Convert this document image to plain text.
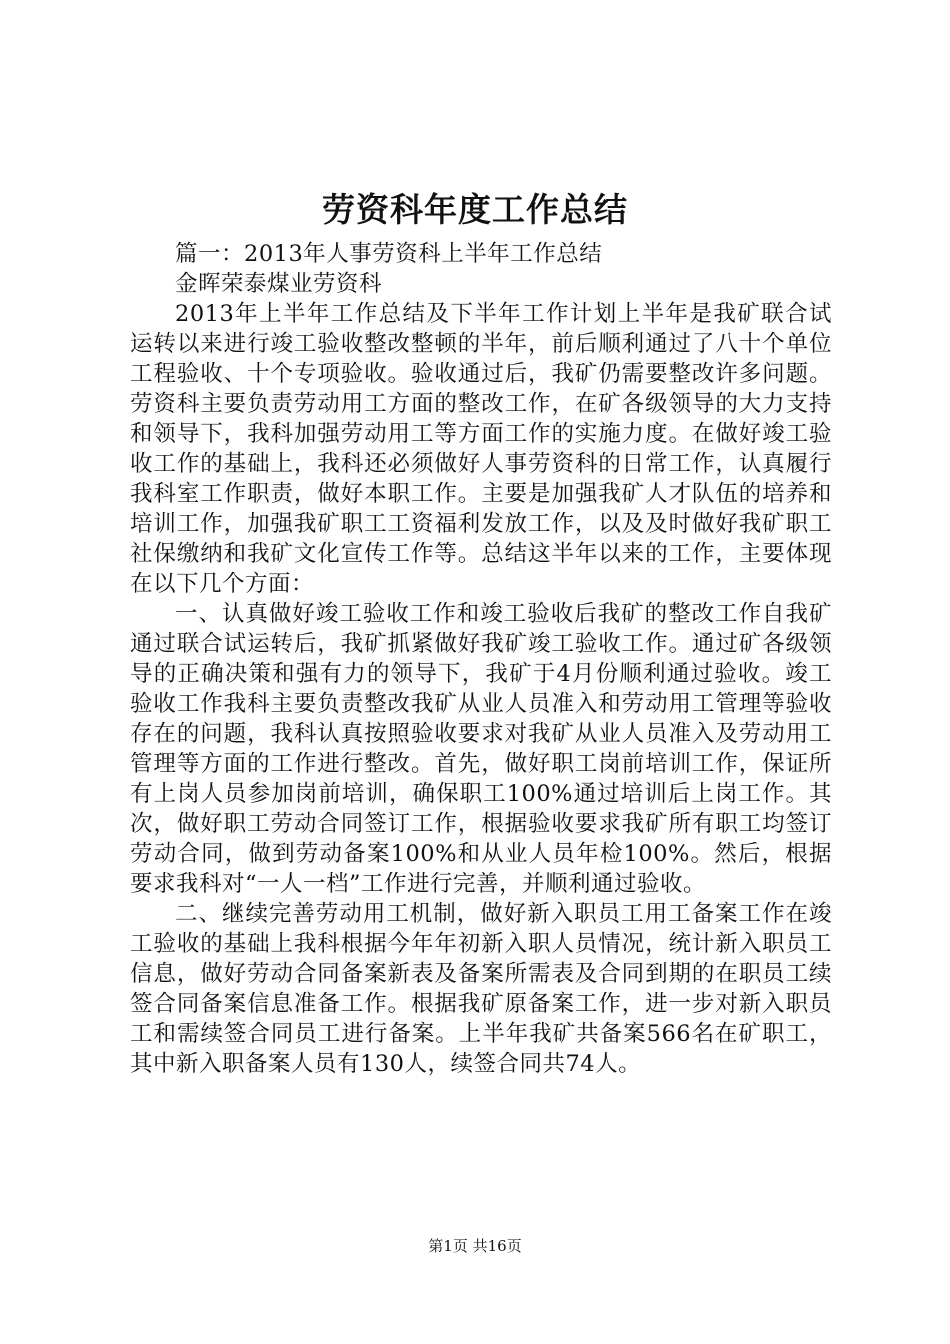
劳资科年度工作总结

篇一：2013年人事劳资科上半年工作总结

金晖荣泰煤业劳资科

2013年上半年工作总结及下半年工作计划上半年是我矿联合试运转以来进行竣工验收整改整顿的半年，前后顺利通过了八十个单位工程验收、十个专项验收。验收通过后，我矿仍需要整改许多问题。劳资科主要负责劳动用工方面的整改工作，在矿各级领导的大力支持和领导下，我科加强劳动用工等方面工作的实施力度。在做好竣工验收工作的基础上，我科还必须做好人事劳资科的日常工作，认真履行我科室工作职责，做好本职工作。主要是加强我矿人才队伍的培养和培训工作，加强我矿职工工资福利发放工作，以及及时做好我矿职工社保缴纳和我矿文化宣传工作等。总结这半年以来的工作，主要体现在以下几个方面：

一、认真做好竣工验收工作和竣工验收后我矿的整改工作自我矿通过联合试运转后，我矿抓紧做好我矿竣工验收工作。通过矿各级领导的正确决策和强有力的领导下，我矿于4月份顺利通过验收。竣工验收工作我科主要负责整改我矿从业人员准入和劳动用工管理等验收存在的问题，我科认真按照验收要求对我矿从业人员准入及劳动用工管理等方面的工作进行整改。首先，做好职工岗前培训工作，保证所有上岗人员参加岗前培训，确保职工100%通过培训后上岗工作。其次，做好职工劳动合同签订工作，根据验收要求我矿所有职工均签订劳动合同，做到劳动备案100%和从业人员年检100%。然后，根据要求我科对“一人一档”工作进行完善，并顺利通过验收。

二、继续完善劳动用工机制，做好新入职员工用工备案工作在竣工验收的基础上我科根据今年年初新入职人员情况，统计新入职员工信息，做好劳动合同备案新表及备案所需表及合同到期的在职员工续签合同备案信息准备工作。根据我矿原备案工作，进一步对新入职员工和需续签合同员工进行备案。上半年我矿共备案566名在矿职工，其中新入职备案人员有130人，续签合同共74人。

第1页 共16页
